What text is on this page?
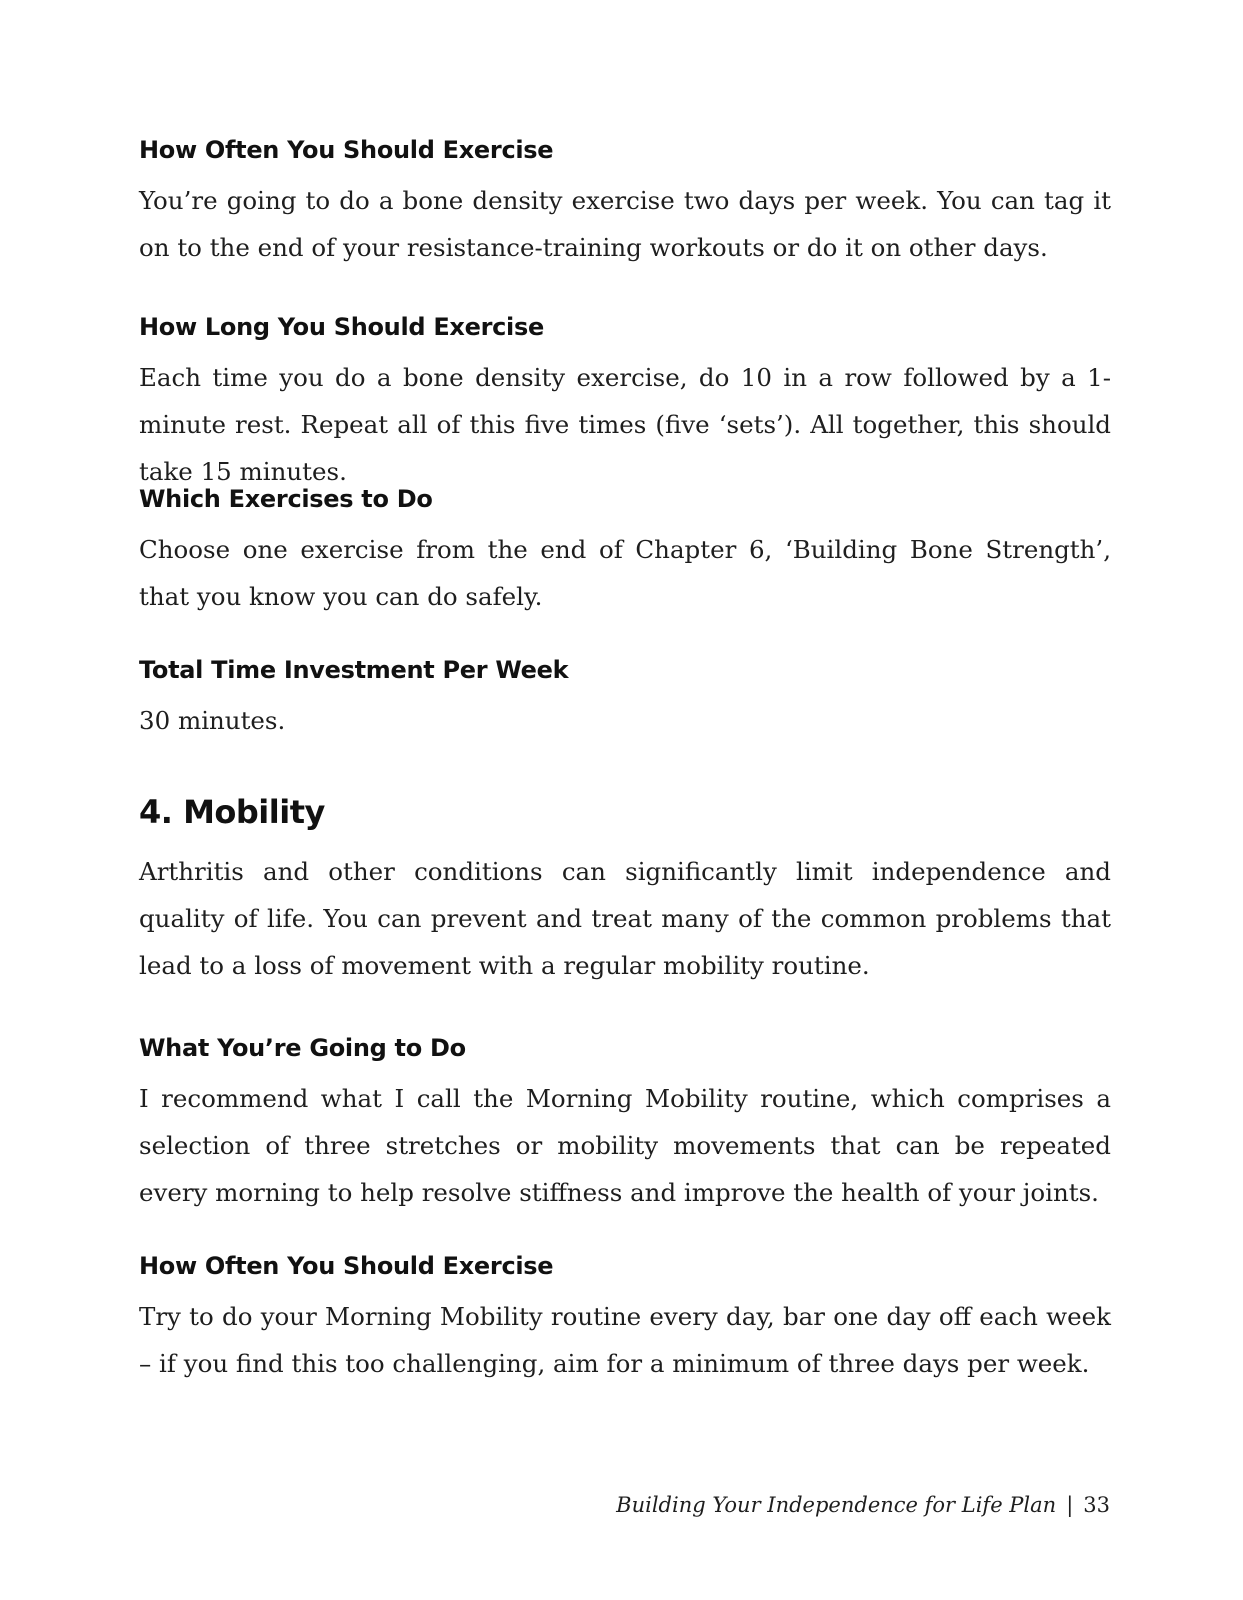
How Often You Should Exercise

You’re going to do a bone density exercise two days per week. You can tag it on to the end of your resistance-training workouts or do it on other days.

How Long You Should Exercise

Each time you do a bone density exercise, do 10 in a row followed by a 1-minute rest. Repeat all of this five times (five ‘sets’). All together, this should take 15 minutes.

Which Exercises to Do

Choose one exercise from the end of Chapter 6, ‘Building Bone Strength’, that you know you can do safely.

Total Time Investment Per Week

30 minutes.

4. Mobility

Arthritis and other conditions can significantly limit independence and quality of life. You can prevent and treat many of the common problems that lead to a loss of movement with a regular mobility routine.

What You’re Going to Do

I recommend what I call the Morning Mobility routine, which comprises a selection of three stretches or mobility movements that can be repeated every morning to help resolve stiffness and improve the health of your joints.

How Often You Should Exercise

Try to do your Morning Mobility routine every day, bar one day off each week – if you find this too challenging, aim for a minimum of three days per week.

Building Your Independence for Life Plan | 33
